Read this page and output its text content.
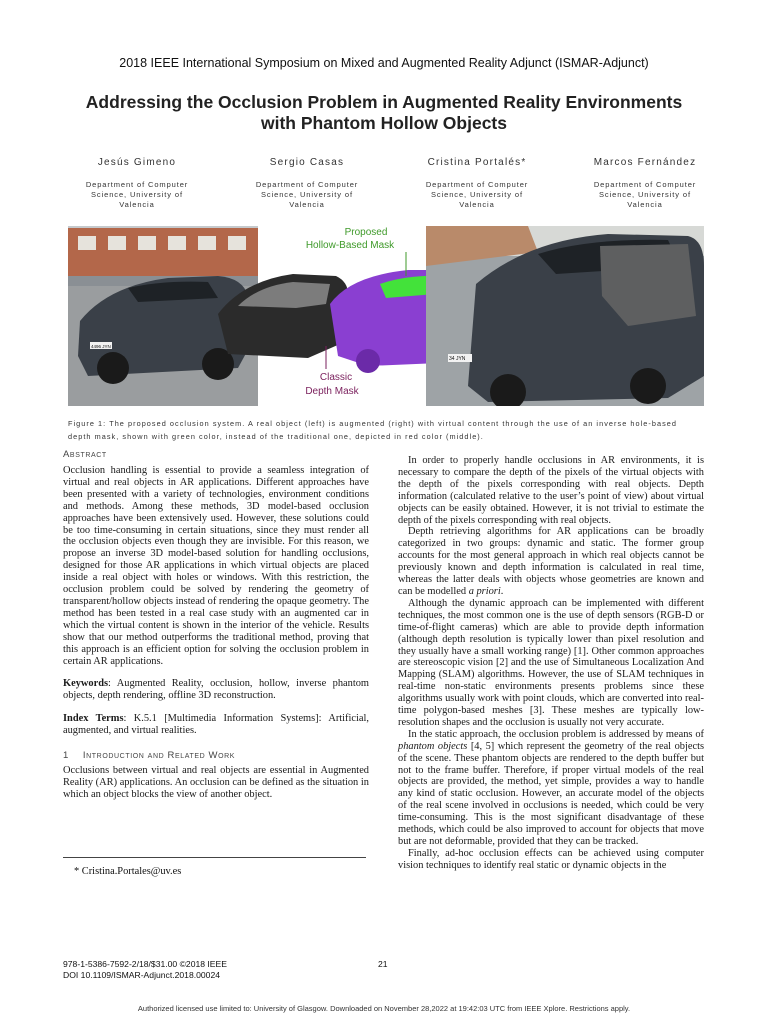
2018 IEEE International Symposium on Mixed and Augmented Reality Adjunct (ISMAR-Adjunct)
Addressing the Occlusion Problem in Augmented Reality Environments
with Phantom Hollow Objects
Jesús Gimeno
Department of Computer
Science, University of
Valencia
Sergio Casas
Department of Computer
Science, University of
Valencia
Cristina Portalés*
Department of Computer
Science, University of
Valencia
Marcos Fernández
Department of Computer
Science, University of
Valencia
4496 JYN
Proposed
Hollow-Based Mask
Classic
Depth Mask
34 JYN
Figure 1: The proposed occlusion system. A real object (left) is augmented (right) with virtual content through the use of an inverse hole-based
depth mask, shown with green color, instead of the traditional one, depicted in red color (middle).
Abstract
Occlusion handling is essential to provide a seamless integration of virtual and real objects in AR applications. Different approaches have been presented with a variety of technologies, environment conditions and methods. Among these methods, 3D model-based occlusion approaches have been extensively used. However, these solutions could be too time-consuming in certain situations, since they must render all the occlusion objects even though they are invisible. For this reason, we propose an inverse 3D model-based solution for handling occlusions, designed for those AR applications in which virtual objects are placed inside a real object with holes or windows. With this restriction, the occlusion problem could be solved by rendering the geometry of transparent/hollow objects instead of rendering the opaque geometry. The method has been tested in a real case study with an augmented car in which the virtual content is shown in the interior of the vehicle. Results show that our method outperforms the traditional method, proving that this approach is an efficient option for solving the occlusion problem in certain AR applications.
Keywords: Augmented Reality, occlusion, hollow, inverse phantom objects, depth rendering, offline 3D reconstruction.
Index Terms: K.5.1 [Multimedia Information Systems]: Artificial, augmented, and virtual realities.
1 Introduction and Related Work
Occlusions between virtual and real objects are essential in Augmented Reality (AR) applications. An occlusion can be defined as the situation in which an object blocks the view of another object.
* Cristina.Portales@uv.es

In order to properly handle occlusions in AR environments, it is necessary to compare the depth of the pixels of the virtual objects with the depth of the pixels corresponding with real objects. Depth information (calculated relative to the user’s point of view) about virtual objects can be easily obtained. However, it is not trivial to estimate the depth of the pixels corresponding with real objects.

Depth retrieving algorithms for AR applications can be broadly categorized in two groups: dynamic and static. The former group accounts for the most general approach in which real objects cannot be previously known and depth information is calculated in real time, whereas the latter deals with objects whose geometries are known and can be modelled a priori.

Although the dynamic approach can be implemented with different techniques, the most common one is the use of depth sensors (RGB-D or time-of-flight cameras) which are able to provide depth information (although depth resolution is typically lower than pixel resolution and they usually have a small working range) [1]. Other common approaches are stereoscopic vision [2] and the use of Simultaneous Localization And Mapping (SLAM) algorithms. However, the use of SLAM techniques in real-time non-static environments presents problems since these algorithms usually work with point clouds, which are converted into real-time polygon-based meshes [3]. These meshes are typically low-resolution shapes and the occlusion is usually not very accurate.

In the static approach, the occlusion problem is addressed by means of phantom objects [4, 5] which represent the geometry of the real objects of the scene. These phantom objects are rendered to the depth buffer but not to the frame buffer. Therefore, if proper virtual models of the real objects are provided, the method, yet simple, provides a way to handle any kind of static occlusion. However, an accurate model of the objects of the real scene involved in occlusions is needed, which could be very time-consuming. This is the most significant disadvantage of these methods, which could be also improved to account for objects that move but are not deformable, provided that they can be tracked.

Finally, ad-hoc occlusion effects can be achieved using computer vision techniques to identify real static or dynamic objects in the

978-1-5386-7592-2/18/$31.00 ©2018 IEEE
DOI 10.1109/ISMAR-Adjunct.2018.00024
21
Authorized licensed use limited to: University of Glasgow. Downloaded on November 28,2022 at 19:42:03 UTC from IEEE Xplore. Restrictions apply.
